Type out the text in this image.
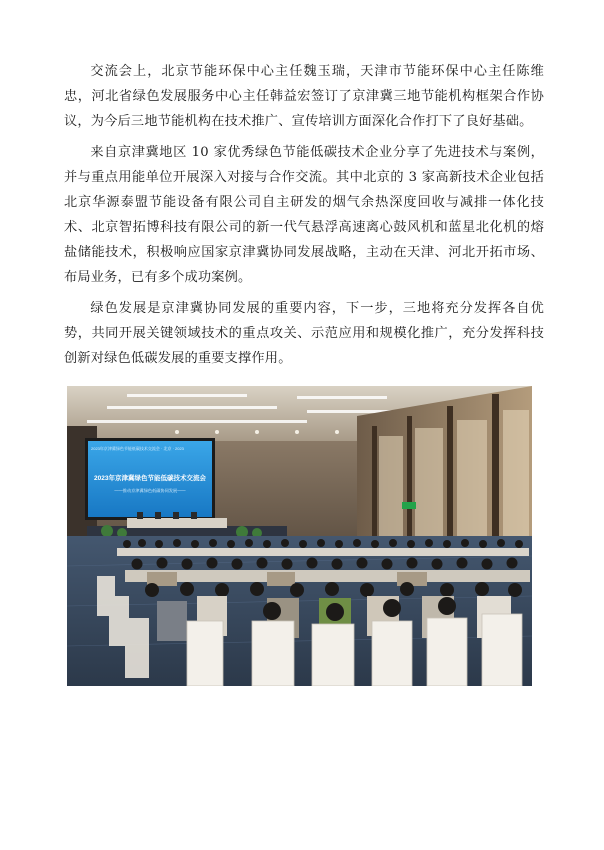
交流会上，北京节能环保中心主任魏玉瑞，天津市节能环保中心主任陈维忠，河北省绿色发展服务中心主任韩益宏签订了京津冀三地节能机构框架合作协议，为今后三地节能机构在技术推广、宣传培训方面深化合作打下了良好基础。

来自京津冀地区 10 家优秀绿色节能低碳技术企业分享了先进技术与案例，并与重点用能单位开展深入对接与合作交流。其中北京的 3 家高新技术企业包括北京华源泰盟节能设备有限公司自主研发的烟气余热深度回收与减排一体化技术、北京智拓博科技有限公司的新一代气悬浮高速离心鼓风机和蓝星北化机的熔盐储能技术，积极响应国家京津冀协同发展战略，主动在天津、河北开拓市场、布局业务，已有多个成功案例。

绿色发展是京津冀协同发展的重要内容，下一步，三地将充分发挥各自优势，共同开展关键领域技术的重点攻关、示范应用和规模化推广，充分发挥科技创新对绿色低碳发展的重要支撑作用。

2023年京津冀绿色节能低碳技术交流会 · 北京 · 2023
2023年京津冀绿色节能低碳技术交流会
——推动京津冀绿色低碳协同发展——
